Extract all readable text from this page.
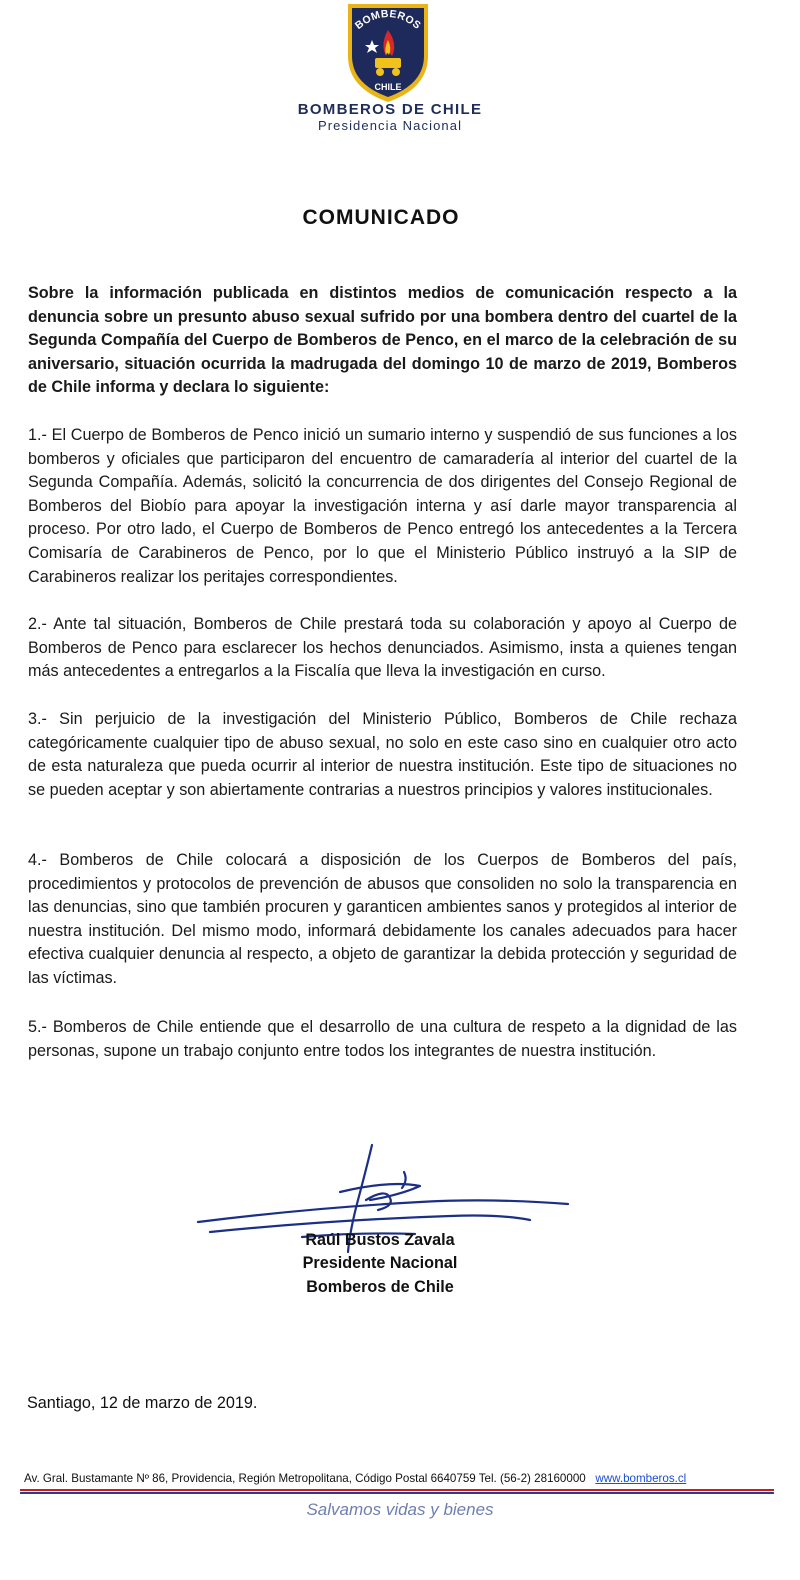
BOMBEROS
CHILE
BOMBEROS DE CHILE
Presidencia Nacional
COMUNICADO

Sobre la información publicada en distintos medios de comunicación respecto a la denuncia sobre un presunto abuso sexual sufrido por una bombera dentro del cuartel de la Segunda Compañía del Cuerpo de Bomberos de Penco, en el marco de la celebración de su aniversario, situación ocurrida la madrugada del domingo 10 de marzo de 2019, Bomberos de Chile informa y declara lo siguiente:

1.- El Cuerpo de Bomberos de Penco inició un sumario interno y suspendió de sus funciones a los bomberos y oficiales que participaron del encuentro de camaradería al interior del cuartel de la Segunda Compañía. Además, solicitó la concurrencia de dos dirigentes del Consejo Regional de Bomberos del Biobío para apoyar la investigación interna y así darle mayor transparencia al proceso. Por otro lado, el Cuerpo de Bomberos de Penco entregó los antecedentes a la Tercera Comisaría de Carabineros de Penco, por lo que el Ministerio Público instruyó a la SIP de Carabineros realizar los peritajes correspondientes.

2.- Ante tal situación, Bomberos de Chile prestará toda su colaboración y apoyo al Cuerpo de Bomberos de Penco para esclarecer los hechos denunciados. Asimismo, insta a quienes tengan más antecedentes a entregarlos a la Fiscalía que lleva la investigación en curso.

3.- Sin perjuicio de la investigación del Ministerio Público, Bomberos de Chile rechaza categóricamente cualquier tipo de abuso sexual, no solo en este caso sino en cualquier otro acto de esta naturaleza que pueda ocurrir al interior de nuestra institución. Este tipo de situaciones no se pueden aceptar y son abiertamente contrarias a nuestros principios y valores institucionales.

4.- Bomberos de Chile colocará a disposición de los Cuerpos de Bomberos del país, procedimientos y protocolos de prevención de abusos que consoliden no solo la transparencia en las denuncias, sino que también procuren y garanticen ambientes sanos y protegidos al interior de nuestra institución. Del mismo modo, informará debidamente los canales adecuados para hacer efectiva cualquier denuncia al respecto, a objeto de garantizar la debida protección y seguridad de las víctimas.

5.- Bomberos de Chile entiende que el desarrollo de una cultura de respeto a la dignidad de las personas, supone un trabajo conjunto entre todos los integrantes de nuestra institución.

Raúl Bustos Zavala
Presidente Nacional
Bomberos de Chile
Santiago, 12 de marzo de 2019.
Av. Gral. Bustamante Nº 86, Providencia, Región Metropolitana, Código Postal 6640759 Tel. (56-2) 28160000 www.bomberos.cl
Salvamos vidas y bienes
